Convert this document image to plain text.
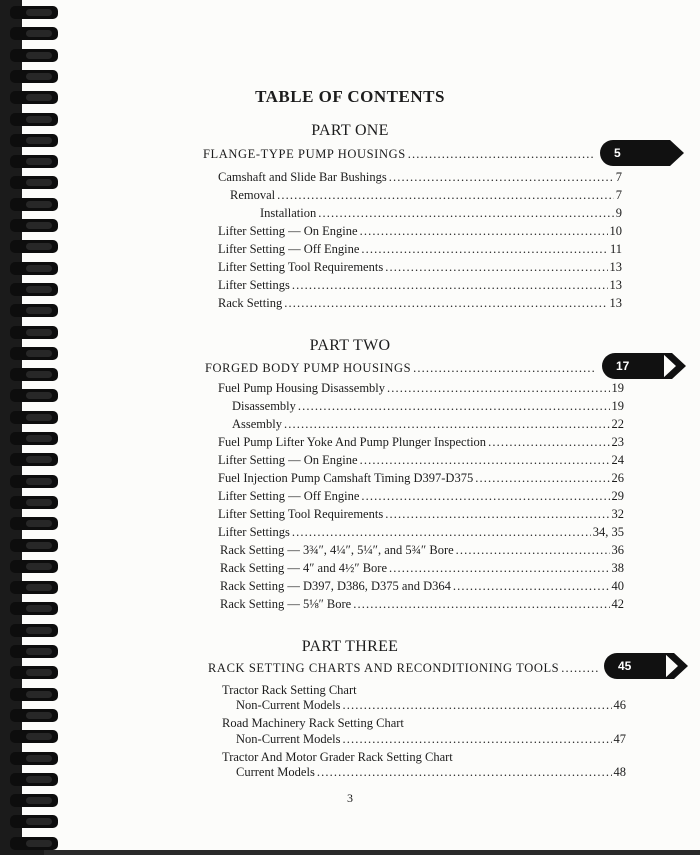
TABLE OF CONTENTS
PART ONE
FLANGE-TYPE PUMP HOUSINGS . . .	5
Camshaft and Slide Bar Bushings . . .	7
Removal . . .	7
Installation . . .	9
Lifter Setting — On Engine . . .	10
Lifter Setting — Off Engine . . .	11
Lifter Setting Tool Requirements . . .	13
Lifter Settings . . .	13
Rack Setting . . .	13
PART TWO
FORGED BODY PUMP HOUSINGS . . .	17
Fuel Pump Housing Disassembly . . .	19
Disassembly . . .	19
Assembly . . .	22
Fuel Pump Lifter Yoke And Pump Plunger Inspection . . .	23
Lifter Setting — On Engine . . .	24
Fuel Injection Pump Camshaft Timing D397-D375 . . .	26
Lifter Setting — Off Engine . . .	29
Lifter Setting Tool Requirements . . .	32
Lifter Settings . . .	34, 35
Rack Setting — 3¾″, 4¼″, 5¼″, and 5¾″ Bore . . .	36
Rack Setting — 4″ and 4½″ Bore . . .	38
Rack Setting — D397, D386, D375 and D364 . . .	40
Rack Setting — 5⅛″ Bore . . .	42
PART THREE
RACK SETTING CHARTS AND RECONDITIONING TOOLS . . .	45
Tractor Rack Setting Chart
Non-Current Models . . .	46
Road Machinery Rack Setting Chart
Non-Current Models . . .	47
Tractor And Motor Grader Rack Setting Chart
Current Models . . .	48
3
